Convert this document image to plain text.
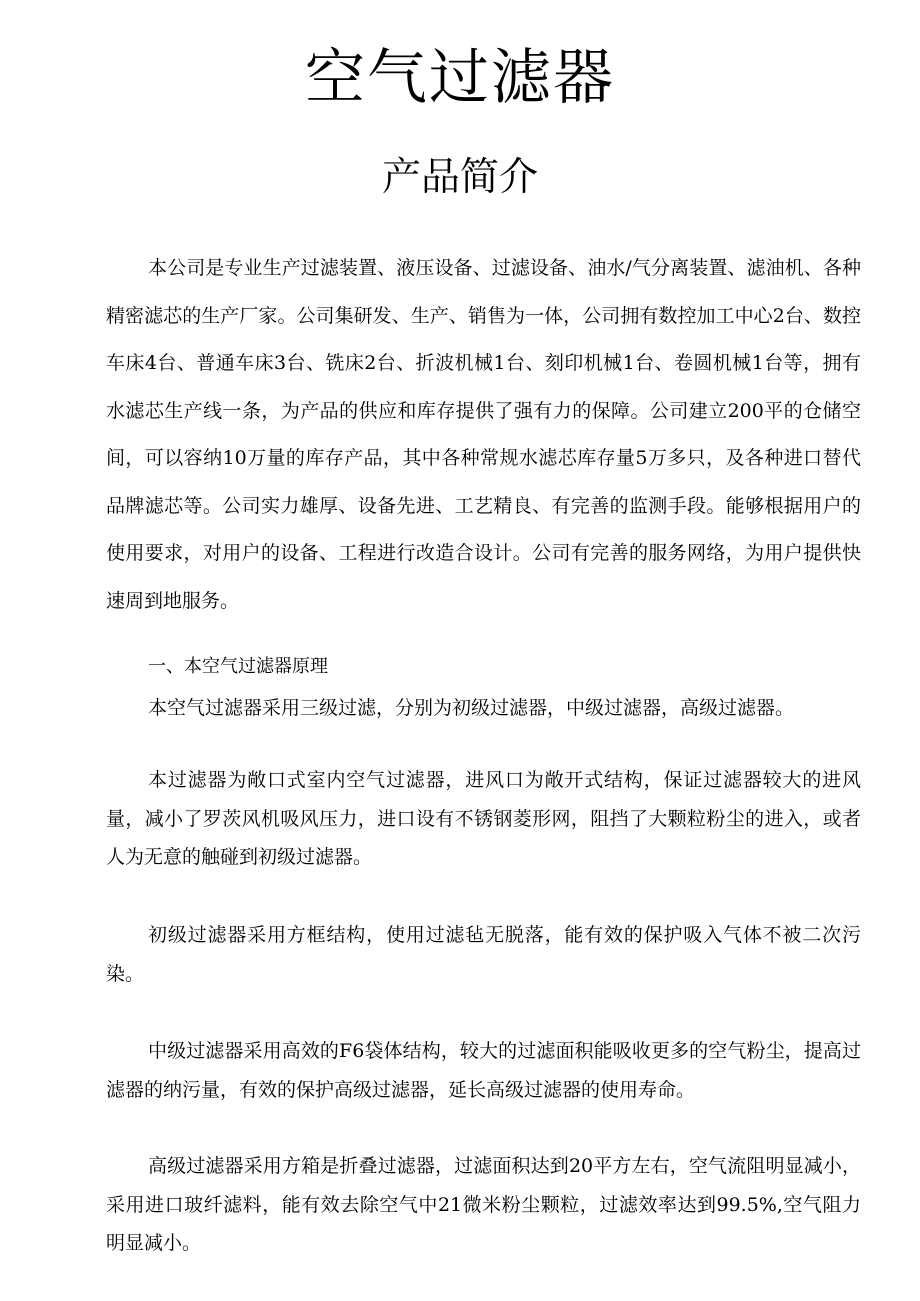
空气过滤器
产品简介

本公司是专业生产过滤装置、液压设备、过滤设备、油水/气分离装置、滤油机、各种精密滤芯的生产厂家。公司集研发、生产、销售为一体，公司拥有数控加工中心2台、数控车床4台、普通车床3台、铣床2台、折波机械1台、刻印机械1台、卷圆机械1台等，拥有水滤芯生产线一条，为产品的供应和库存提供了强有力的保障。公司建立200平的仓储空间，可以容纳10万量的库存产品，其中各种常规水滤芯库存量5万多只，及各种进口替代品牌滤芯等。公司实力雄厚、设备先进、工艺精良、有完善的监测手段。能够根据用户的使用要求，对用户的设备、工程进行改造合设计。公司有完善的服务网络，为用户提供快速周到地服务。

一、本空气过滤器原理

本空气过滤器采用三级过滤，分别为初级过滤器，中级过滤器，高级过滤器。

本过滤器为敞口式室内空气过滤器，进风口为敞开式结构，保证过滤器较大的进风量，减小了罗茨风机吸风压力，进口设有不锈钢菱形网，阻挡了大颗粒粉尘的进入，或者人为无意的触碰到初级过滤器。

初级过滤器采用方框结构，使用过滤毡无脱落，能有效的保护吸入气体不被二次污染。

中级过滤器采用高效的F6袋体结构，较大的过滤面积能吸收更多的空气粉尘，提高过滤器的纳污量，有效的保护高级过滤器，延长高级过滤器的使用寿命。

高级过滤器采用方箱是折叠过滤器，过滤面积达到20平方左右，空气流阻明显减小，采用进口玻纤滤料，能有效去除空气中21微米粉尘颗粒，过滤效率达到99.5%,空气阻力明显减小。
